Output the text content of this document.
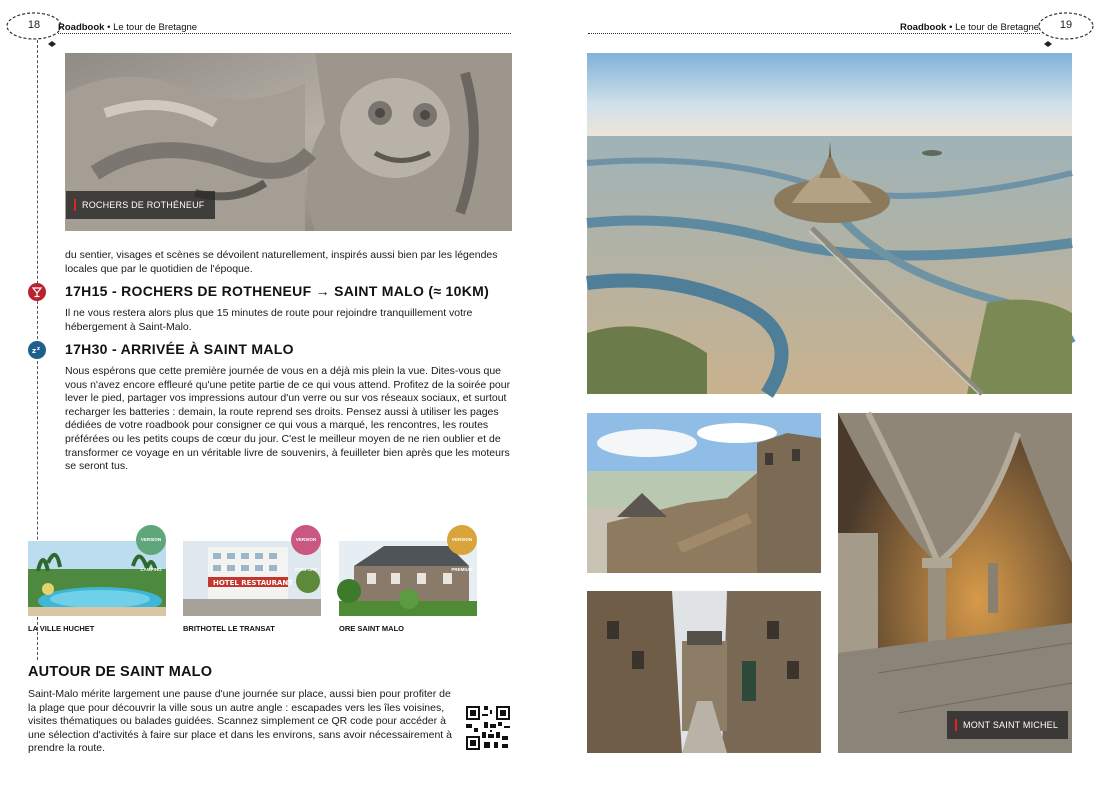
18	Roadbook • Le tour de Bretagne
ROCHERS DE ROTHÉNEUF
du sentier, visages et scènes se dévoilent naturellement, inspirés aussi bien par les légendes locales que par le quotidien de l'époque.
17H15 - ROCHERS DE ROTHENEUF → SAINT MALO (≈ 10KM)
Il ne vous restera alors plus que 15 minutes de route pour rejoindre tranquillement votre hébergement à Saint-Malo.
z z 17H30 - ARRIVÉE À SAINT MALO
Nous espérons que cette première journée de vous en a déjà mis plein la vue. Dites-vous que vous n'avez encore effleuré qu'une petite partie de ce qui vous attend. Profitez de la soirée pour lever le pied, partager vos impressions autour d'un verre ou sur vos réseaux sociaux, et surtout recharger les batteries : demain, la route reprend ses droits. Pensez aussi à utiliser les pages dédiées de votre roadbook pour consigner ce qui vous a marqué, les rencontres, les routes préférées ou les petits coups de cœur du jour. C'est le meilleur moyen de ne rien oublier et de transformer ce voyage en un véritable livre de souvenirs, à feuilleter bien après que les moteurs se seront tus.
VERSION CAMPING
LA VILLE HUCHET
HOTEL RESTAURANT
VERSION CONFORT
BRITHOTEL LE TRANSAT
VERSION PREMIUM
ORE SAINT MALO
AUTOUR DE SAINT MALO
Saint-Malo mérite largement une pause d'une journée sur place, aussi bien pour profiter de la plage que pour découvrir la ville sous un autre angle : escapades vers les îles voisines, visites thématiques ou balades guidées. Scannez simplement ce QR code pour accéder à une sélection d'activités à faire sur place et dans les environs, sans avoir nécessairement à prendre la route.
19
Roadbook • Le tour de Bretagne
MONT SAINT MICHEL
